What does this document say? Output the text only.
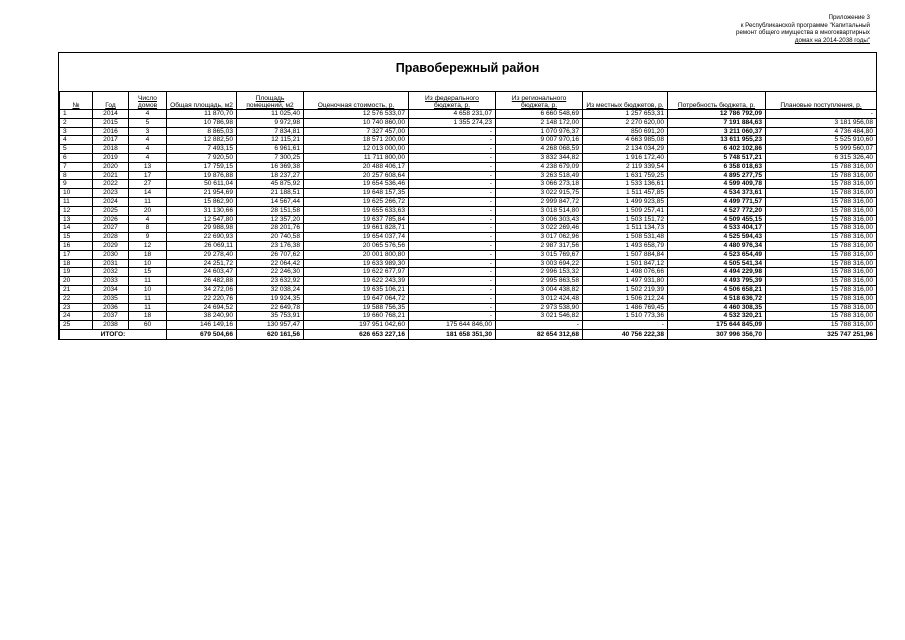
Приложение 3
к Республиканской программе "Капитальный
ремонт общего имущества в многоквартирных
домах на 2014-2038 годы"
Правобережный район
№	Год	Число домов	Общая площадь, м2	Площадь помещений, м2	Оценочная стоимость, р.	Из федерального бюджета, р.	Из регионального бюджета, р.	Из местных бюджетов, р.	Потребность бюджета, р.	Плановые поступления, р.
1	2014	4	11 870,70	11 025,40	12 576 533,07	4 658 231,07	6 660 548,69	1 257 653,31	12 786 792,09	-
2	2015	5	10 786,98	9 972,98	10 740 860,00	1 355 274,23	2 148 172,00	2 270 620,00	7 191 884,63	3 181 956,08
3	2016	3	8 865,03	7 834,81	7 327 457,00	-	1 070 976,37	850 691,20	3 211 060,37	4 736 484,80
4	2017	4	12 882,50	12 115,21	18 571 200,00	-	9 007 970,16	4 663 985,08	13 611 955,23	5 525 910,60
5	2018	4	7 493,15	6 961,61	12 013 000,00	-	4 268 068,59	2 134 034,29	6 402 102,86	5 999 560,07
6	2019	4	7 920,50	7 300,25	11 711 800,00	-	3 832 344,82	1 916 172,40	5 748 517,21	6 315 326,40
7	2020	13	17 759,15	16 369,38	20 488 406,17	-	4 238 679,09	2 119 339,54	6 358 018,63	15 788 316,00
8	2021	17	19 876,88	18 237,27	20 257 608,64	-	3 263 518,49	1 631 759,25	4 895 277,75	15 788 316,00
9	2022	27	50 611,04	45 875,92	19 654 536,46	-	3 066 273,18	1 533 136,61	4 599 409,78	15 788 316,00
10	2023	14	21 954,69	21 188,51	19 648 157,35	-	3 022 915,75	1 511 457,85	4 534 373,61	15 788 316,00
11	2024	11	15 862,90	14 567,44	19 625 266,72	-	2 999 847,72	1 499 923,85	4 499 771,57	15 788 316,00
12	2025	20	31 130,66	28 151,58	19 655 633,63	-	3 018 514,80	1 509 257,41	4 527 772,20	15 788 316,00
13	2026	4	12 547,80	12 357,20	19 637 785,84	-	3 006 303,43	1 503 151,72	4 509 455,15	15 788 316,00
14	2027	8	29 988,98	28 201,76	19 661 828,71	-	3 022 269,46	1 511 134,73	4 533 404,17	15 788 316,00
15	2028	9	22 690,93	20 740,58	19 654 037,74	-	3 017 062,96	1 508 531,48	4 525 594,43	15 788 316,00
16	2029	12	26 069,11	23 176,38	20 065 576,56	-	2 987 317,56	1 493 658,79	4 480 976,34	15 788 316,00
17	2030	18	29 278,40	26 707,62	20 001 800,80	-	3 015 769,67	1 507 884,84	4 523 654,49	15 788 316,00
18	2031	10	24 251,72	22 064,42	19 633 989,30	-	3 003 694,22	1 501 847,12	4 505 541,34	15 788 316,00
19	2032	15	24 603,47	22 246,30	19 622 677,97	-	2 996 153,32	1 498 076,66	4 494 229,98	15 788 316,00
20	2033	11	26 482,88	23 632,92	19 622 243,39	-	2 995 863,58	1 497 931,80	4 493 795,39	15 788 316,00
21	2034	10	34 272,06	32 038,24	19 635 106,21	-	3 004 438,82	1 502 219,39	4 506 658,21	15 788 316,00
22	2035	11	22 220,76	19 924,35	19 647 064,72	-	3 012 424,48	1 506 212,24	4 518 636,72	15 788 316,00
23	2036	11	24 694,52	22 649,78	19 588 756,35	-	2 973 538,90	1 486 769,45	4 460 308,35	15 788 316,00
24	2037	18	38 240,90	35 753,91	19 660 768,21	-	3 021 546,82	1 510 773,36	4 532 320,21	15 788 316,00
25	2038	60	146 149,16	130 957,47	197 951 042,60	175 644 846,00	-	-	175 644 845,09	15 788 316,00
ИТОГО:			679 504,66	620 161,56	626 653 227,16	181 658 351,30	82 654 312,68	40 756 222,38	307 996 356,70	325 747 251,96
